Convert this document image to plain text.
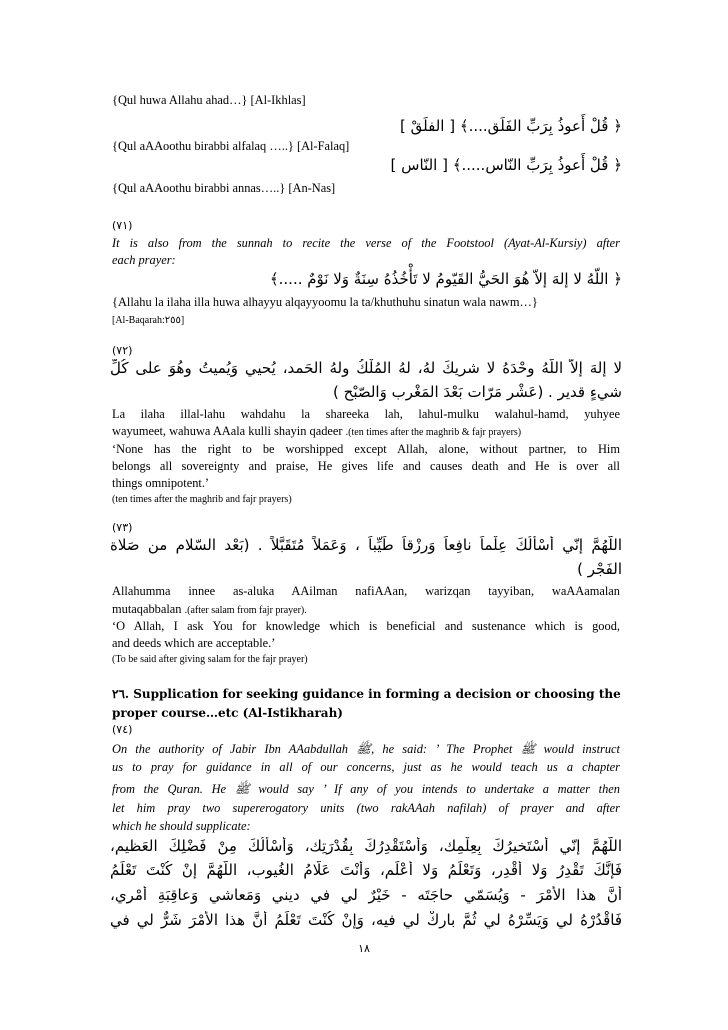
{Qul huwa Allahu ahad…} [Al-Ikhlas]
﴿ قُلْ أَعوذُ بِرَبِّ الفَلَق....﴾ [ الفلَقْ ]
{Qul aAAoothu birabbi alfalaq …..} [Al-Falaq]
﴿ قُلْ أَعوذُ بِرَبِّ النّاس.....﴾ [ النّاس ]
{Qul aAAoothu birabbi annas…..} [An-Nas]
(٧١)
It is also from the sunnah to recite the verse of the Footstool (Ayat-Al-Kursiy) after
each prayer:
﴿ اللّهُ لا إلهَ إلاّ هُوَ الحَيُّ القَيّومُ لا تَأْخُذُهُ سِنَةٌ وَلا نَوْمٌ .....﴾
{Allahu la ilaha illa huwa alhayyu alqayyoomu la ta/khuthuhu sinatun wala nawm…}
[Al-Baqarah:٢٥٥]
(٧٢)
لا إلهَ إلاّ اللّهُ وحْدَهُ لا شريكَ لهُ، لهُ المُلْكُ ولهُ الحَمد، يُحيي وَيُميتُ وهُوَ على كُلِّ
شيءٍ قدير . (عَشْر مَرّات بَعْدَ المَغْرب وَالصّبْح )
La ilaha illal-lahu wahdahu la shareeka lah, lahul-mulku walahul-hamd, yuhyee
wayumeet, wahuwa AAala kulli shayin qadeer .(ten times after the maghrib & fajr prayers)
‘None has the right to be worshipped except Allah, alone, without partner, to Him
belongs all sovereignty and praise, He gives life and causes death and He is over all
things omnipotent.’
(ten times after the maghrib and fajr prayers)
(٧٣)
اللّهُمَّ إِنّي أَسْأَلُكَ عِلْماً نافِعاً وَرِزْقاً طَيِّباً ، وَعَمَلاً مُتَقَبَّلاً . (بَعْد السّلام من صَلاة
الفَجْر )
Allahumma innee as-aluka AAilman nafiAAan, warizqan tayyiban, waAAamalan
mutaqabbalan .(after salam from fajr prayer).
‘O Allah, I ask You for knowledge which is beneficial and sustenance which is good,
and deeds which are acceptable.’
(To be said after giving salam for the fajr prayer)
٢٦. Supplication for seeking guidance in forming a decision or choosing the
proper course…etc (Al-Istikharah)
(٧٤)
On the authority of Jabir Ibn AAabdullah ﷺ, he said: ’ The Prophet ﷺ would instruct
us to pray for guidance in all of our concerns, just as he would teach us a chapter
from the Quran. He ﷺ would say ’ If any of you intends to undertake a matter then
let him pray two supererogatory units (two rakAAah nafilah) of prayer and after
which he should supplicate:
اللّهُمَّ إِنّي أَسْتَخيرُكَ بِعِلْمِك، وَأَسْتَقْدِرُكَ بِقُدْرَتِك، وَأَسْأَلُكَ مِنْ فَضْلِكَ العَظيم،
فَإِنَّكَ تَقْدِرُ وَلا أَقْدِر، وَتَعْلَمُ وَلا أَعْلَم، وَأَنْتَ عَلّامُ الغُيوب، اللّهُمَّ إِنْ كُنْتَ تَعْلَمُ
أَنَّ هذا الأَمْرَ - وَيُسَمّي حاجَتَه - خَيْرٌ لي في ديني وَمَعاشي وَعاقِبَةِ أَمْري،
فَاقْدُرْهُ لي وَيَسِّرْهُ لي ثُمَّ بارِكْ لي فيه، وَإِنْ كُنْتَ تَعْلَمُ أَنَّ هذا الأَمْرَ شَرٌّ لي في
١٨
